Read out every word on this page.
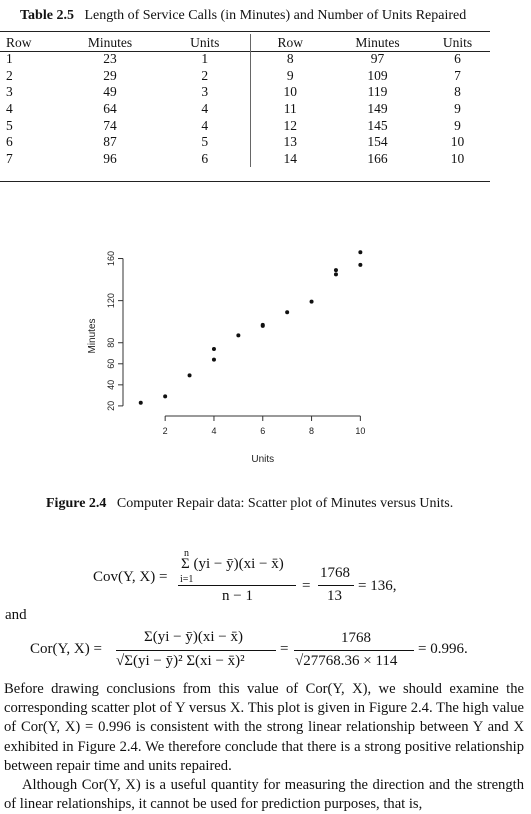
Table 2.5 Length of Service Calls (in Minutes) and Number of Units Repaired
Row	Minutes	Units	Row	Minutes	Units
1	23	1	8	97	6
2	29	2	9	109	7
3	49	3	10	119	8
4	64	4	11	149	9
5	74	4	12	145	9
6	87	5	13	154	10
7	96	6	14	166	10
2	4	6	8	10
20
40
60
80
120
160
Units
Minutes
Figure 2.4 Computer Repair data: Scatter plot of Minutes versus Units.
Cov(Y, X) =
n
Σ (yi − ȳ)(xi − x̄)
i=1
n − 1
=
1768
13
= 136,
and
Cor(Y, X) =
Σ(yi − ȳ)(xi − x̄)
√Σ(yi − ȳ)² Σ(xi − x̄)²
=
1768
√27768.36 × 114
= 0.996.

Before drawing conclusions from this value of Cor(Y, X), we should examine the corresponding scatter plot of Y versus X. This plot is given in Figure 2.4. The high value of Cor(Y, X) = 0.996 is consistent with the strong linear relationship between Y and X exhibited in Figure 2.4. We therefore conclude that there is a strong positive relationship between repair time and units repaired.

Although Cor(Y, X) is a useful quantity for measuring the direction and the strength of linear relationships, it cannot be used for prediction purposes, that is,
